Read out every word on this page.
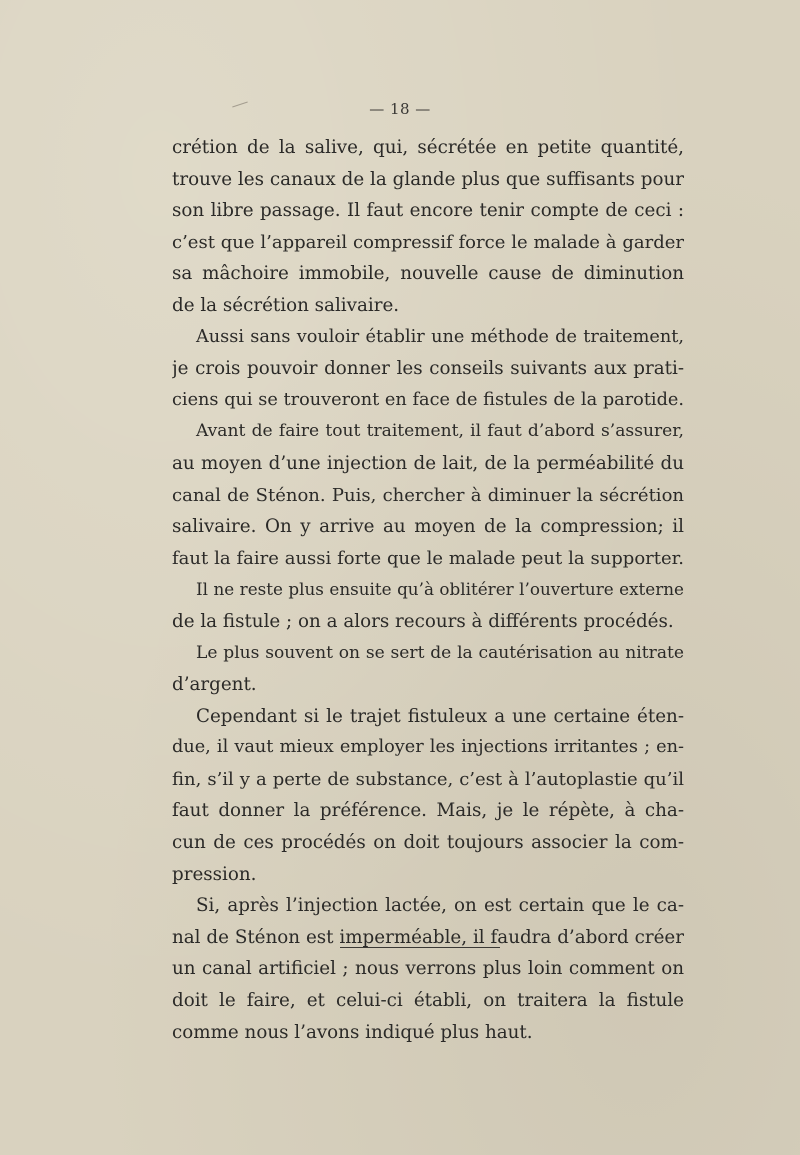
— 18 —
crétion de la salive, qui, sécrétée en petite quantité,
trouve les canaux de la glande plus que suffisants pour
son libre passage. Il faut encore tenir compte de ceci :
c’est que l’appareil compressif force le malade à garder
sa mâchoire immobile, nouvelle cause de diminution
de la sécrétion salivaire.
Aussi sans vouloir établir une méthode de traitement,
je crois pouvoir donner les conseils suivants aux prati-
ciens qui se trouveront en face de fistules de la parotide.
Avant de faire tout traitement, il faut d’abord s’assurer,
au moyen d’une injection de lait, de la perméabilité du
canal de Sténon. Puis, chercher à diminuer la sécrétion
salivaire. On y arrive au moyen de la compression; il
faut la faire aussi forte que le malade peut la supporter.
Il ne reste plus ensuite qu’à oblitérer l’ouverture externe
de la fistule ; on a alors recours à différents procédés.
Le plus souvent on se sert de la cautérisation au nitrate
d’argent.
Cependant si le trajet fistuleux a une certaine éten-
due, il vaut mieux employer les injections irritantes ; en-
fin, s’il y a perte de substance, c’est à l’autoplastie qu’il
faut donner la préférence. Mais, je le répète, à cha-
cun de ces procédés on doit toujours associer la com-
pression.
Si, après l’injection lactée, on est certain que le ca-
nal de Sténon est imperméable, il faudra d’abord créer
un canal artificiel ; nous verrons plus loin comment on
doit le faire, et celui-ci établi, on traitera la fistule
comme nous l’avons indiqué plus haut.
